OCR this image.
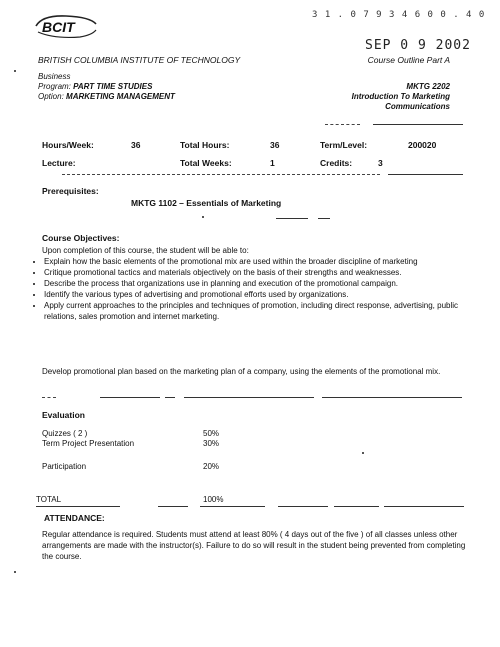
BCIT
3 1 . 0 7 9 3 4 6 0 0 . 4 0
SEP 0 9 2002
BRITISH COLUMBIA INSTITUTE OF TECHNOLOGY	Course Outline Part A
Business
Program: PART TIME STUDIES
Option: MARKETING MANAGEMENT
MKTG 2202
Introduction To Marketing
Communications
Hours/Week:	36	Total Hours:	36	Term/Level:	200020
Lecture:	Total Weeks:	1	Credits:	3
Prerequisites:
MKTG 1102 – Essentials of Marketing
Course Objectives:
Upon completion of this course, the student will be able to:
• Explain how the basic elements of the promotional mix are used within the broader discipline of marketing
• Critique promotional tactics and materials objectively on the basis of their strengths and weaknesses.
• Describe the process that organizations use in planning and execution of the promotional campaign.
• Identify the various types of advertising and promotional efforts used by organizations.
• Apply current approaches to the principles and techniques of promotion, including direct response, advertising, public relations, sales promotion and internet marketing.
Develop promotional plan based on the marketing plan of a company, using the elements of the promotional mix.
Evaluation
Quizzes ( 2 )	50%
Term Project Presentation	30%
Participation	20%
TOTAL	100%
ATTENDANCE:
Regular attendance is required. Students must attend at least 80% ( 4 days out of the five ) of all classes unless other arrangements are made with the instructor(s). Failure to do so will result in the student being prevented from completing the course.
